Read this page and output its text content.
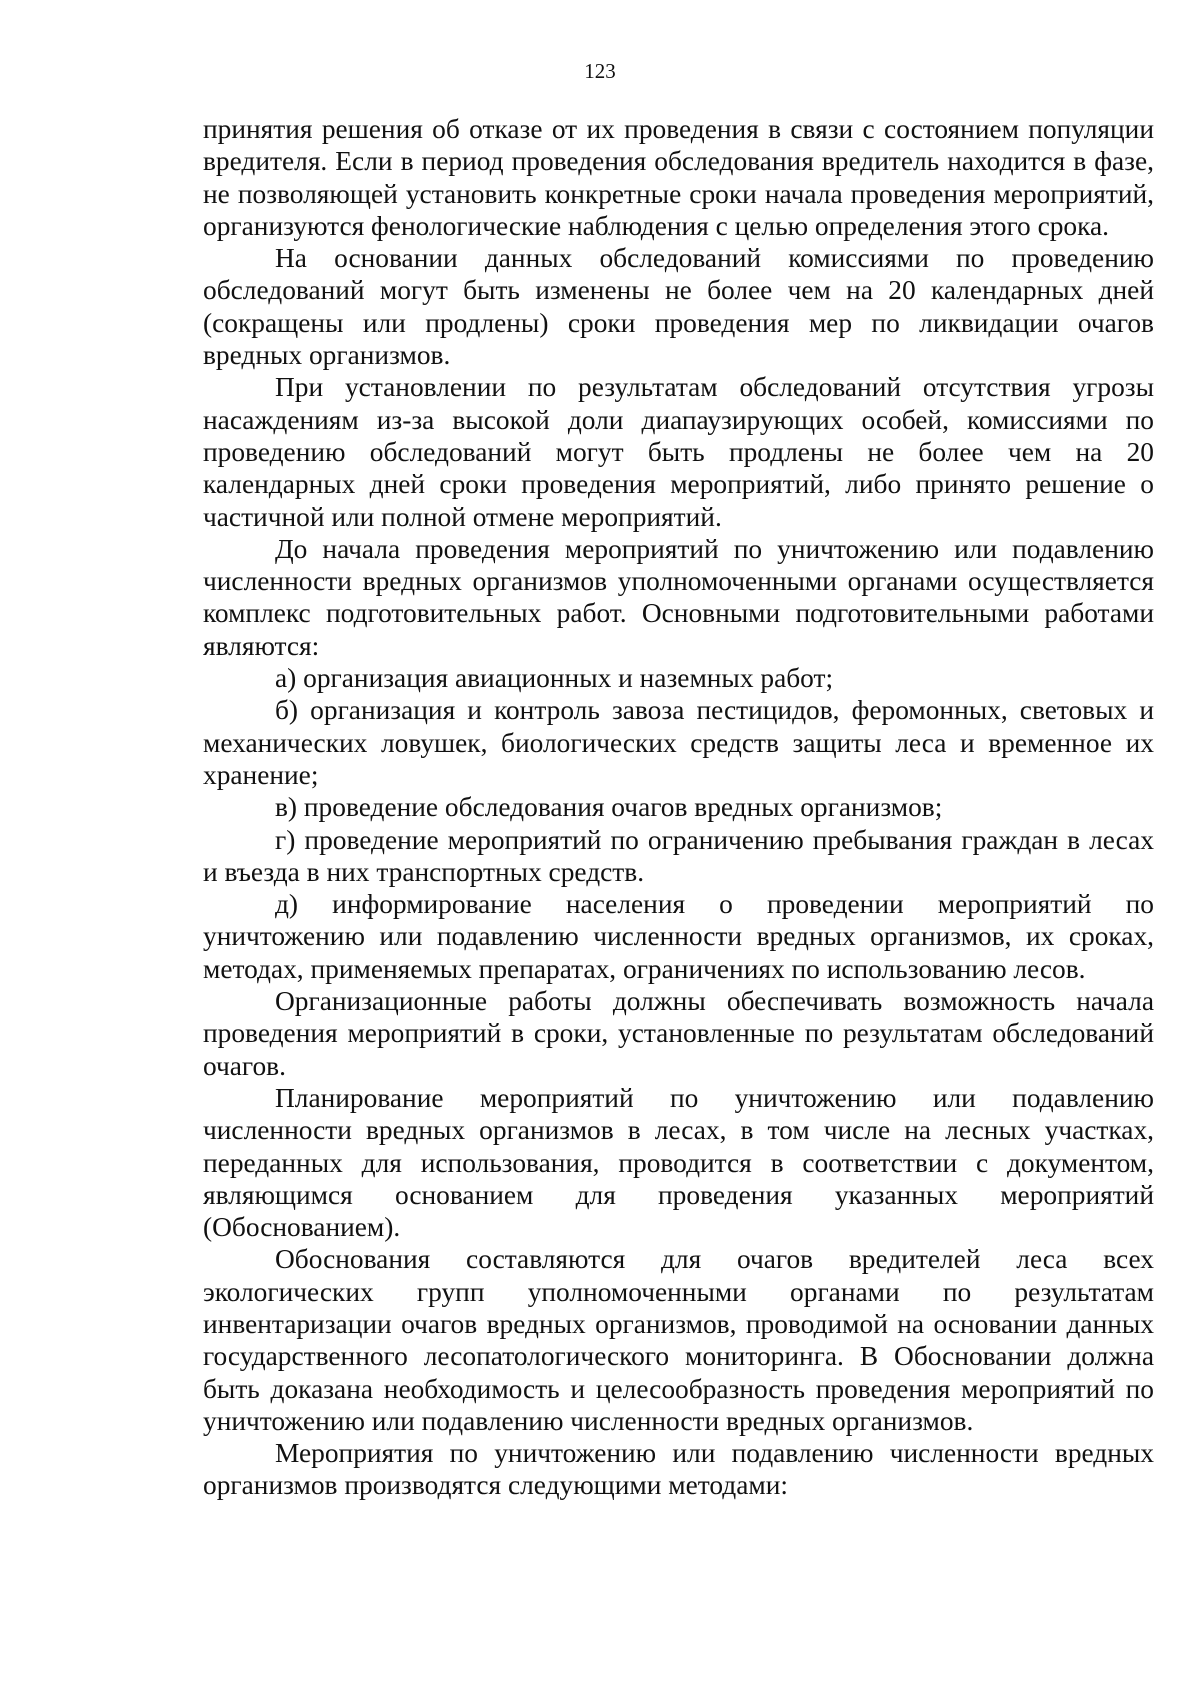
123

принятия решения об отказе от их проведения в связи с состоянием популяции вредителя. Если в период проведения обследования вредитель находится в фазе, не позволяющей установить конкретные сроки начала проведения мероприятий, организуются фенологические наблюдения с целью определения этого срока.

На основании данных обследований комиссиями по проведению обследований могут быть изменены не более чем на 20 календарных дней (сокращены или продлены) сроки проведения мер по ликвидации очагов вредных организмов.

При установлении по результатам обследований отсутствия угрозы насаждениям из-за высокой доли диапаузирующих особей, комиссиями по проведению обследований могут быть продлены не более чем на 20 календарных дней сроки проведения мероприятий, либо принято решение о частичной или полной отмене мероприятий.

До начала проведения мероприятий по уничтожению или подавлению численности вредных организмов уполномоченными органами осуществляется комплекс подготовительных работ. Основными подготовительными работами являются:

а) организация авиационных и наземных работ;

б) организация и контроль завоза пестицидов, феромонных, световых и механических ловушек, биологических средств защиты леса и временное их хранение;

в) проведение обследования очагов вредных организмов;

г) проведение мероприятий по ограничению пребывания граждан в лесах и въезда в них транспортных средств.

д) информирование населения о проведении мероприятий по уничтожению или подавлению численности вредных организмов, их сроках, методах, применяемых препаратах, ограничениях по использованию лесов.

Организационные работы должны обеспечивать возможность начала проведения мероприятий в сроки, установленные по результатам обследований очагов.

Планирование мероприятий по уничтожению или подавлению численности вредных организмов в лесах, в том числе на лесных участках, переданных для использования, проводится в соответствии с документом, являющимся основанием для проведения указанных мероприятий (Обоснованием).

Обоснования составляются для очагов вредителей леса всех экологических групп уполномоченными органами по результатам инвентаризации очагов вредных организмов, проводимой на основании данных государственного лесопатологического мониторинга. В Обосновании должна быть доказана необходимость и целесообразность проведения мероприятий по уничтожению или подавлению численности вредных организмов.

Мероприятия по уничтожению или подавлению численности вредных организмов производятся следующими методами:
